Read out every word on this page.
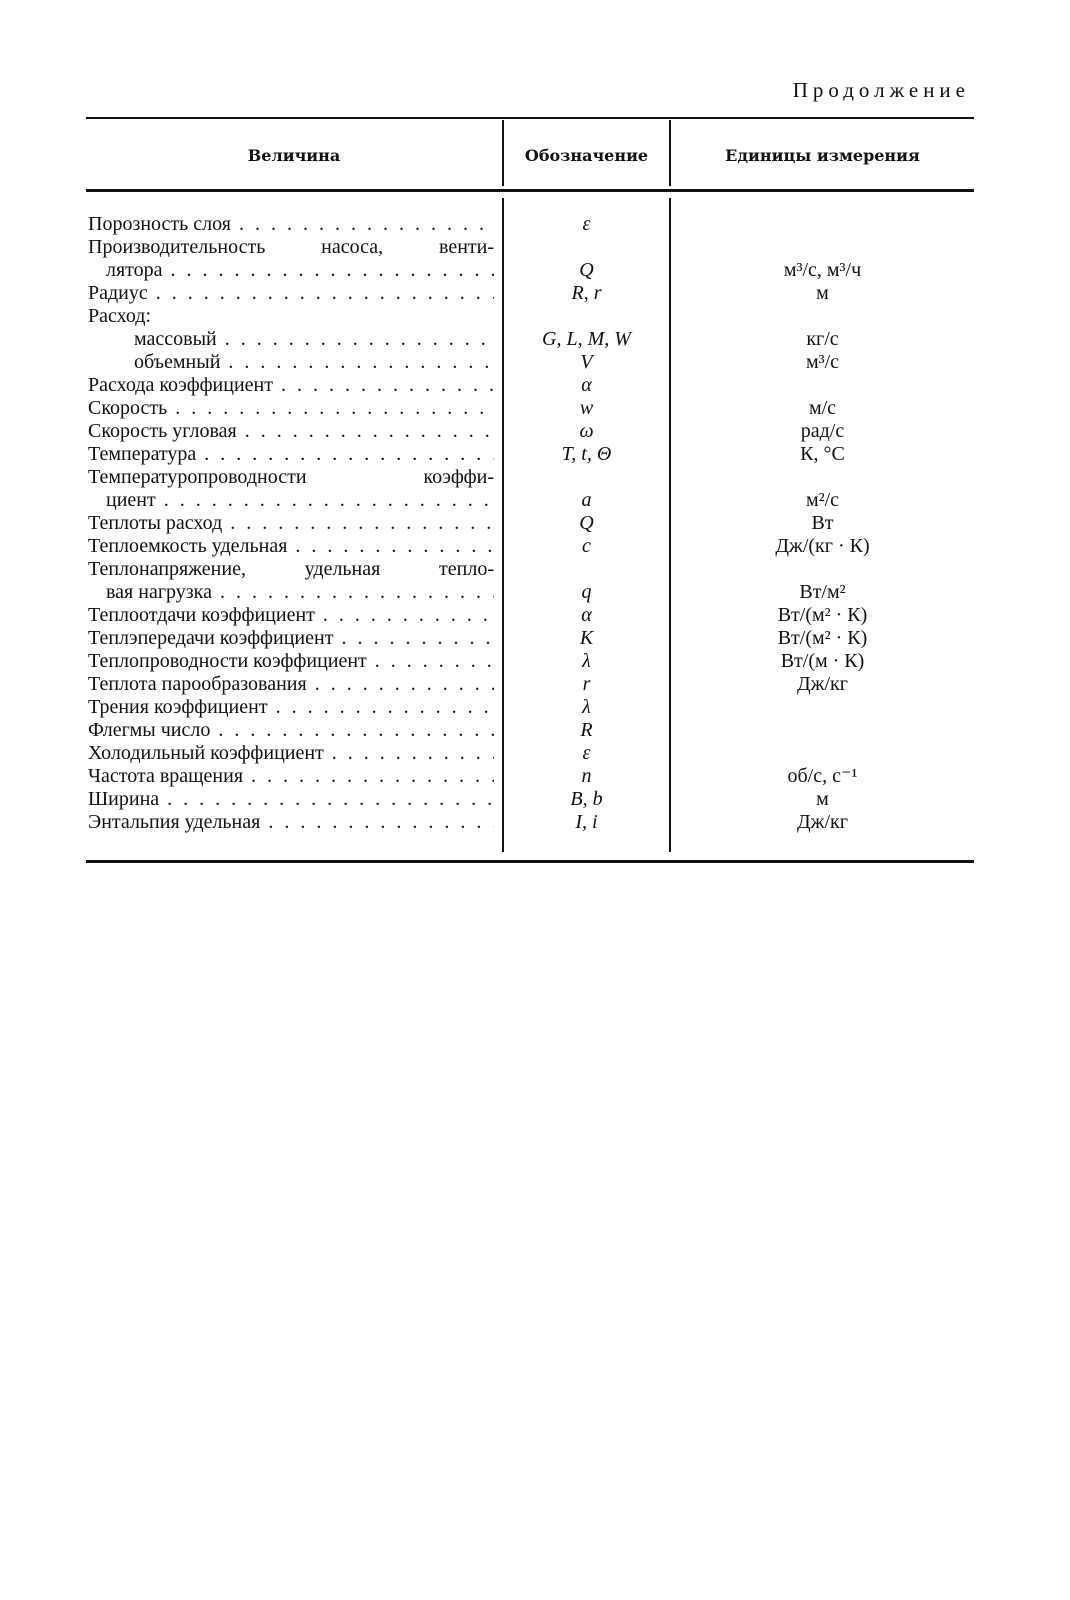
Продолжение
Величина	Обозначение	Единицы измерения
Порозность слоя . . .	ε
Производительность насоса, венти-
лятора . . .	Q	м³/с, м³/ч
Радиус . . .	R, r	м
Расход:
массовый . . .	G, L, M, W	кг/с
объемный . . .	V	м³/с
Расхода коэффициент . . .	α
Скорость . . .	w	м/с
Скорость угловая . . .	ω	рад/с
Температура . . .	T, t, Θ	К, °С
Температуропроводности коэффи-
циент . . .	a	м²/с
Теплоты расход . . .	Q	Вт
Теплоемкость удельная . . .	c	Дж/(кг · К)
Теплонапряжение, удельная тепло-
вая нагрузка . . .	q	Вт/м²
Теплоотдачи коэффициент . . .	α	Вт/(м² · К)
Теплэпередачи коэффициент . . .	K	Вт/(м² · К)
Теплопроводности коэффициент . . .	λ	Вт/(м · К)
Теплота парообразования . . .	r	Дж/кг
Трения коэффициент . . .	λ
Флегмы число . . .	R
Холодильный коэффициент . . .	ε
Частота вращения . . .	n	об/с, с⁻¹
Ширина . . .	B, b	м
Энтальпия удельная . . .	I, i	Дж/кг
